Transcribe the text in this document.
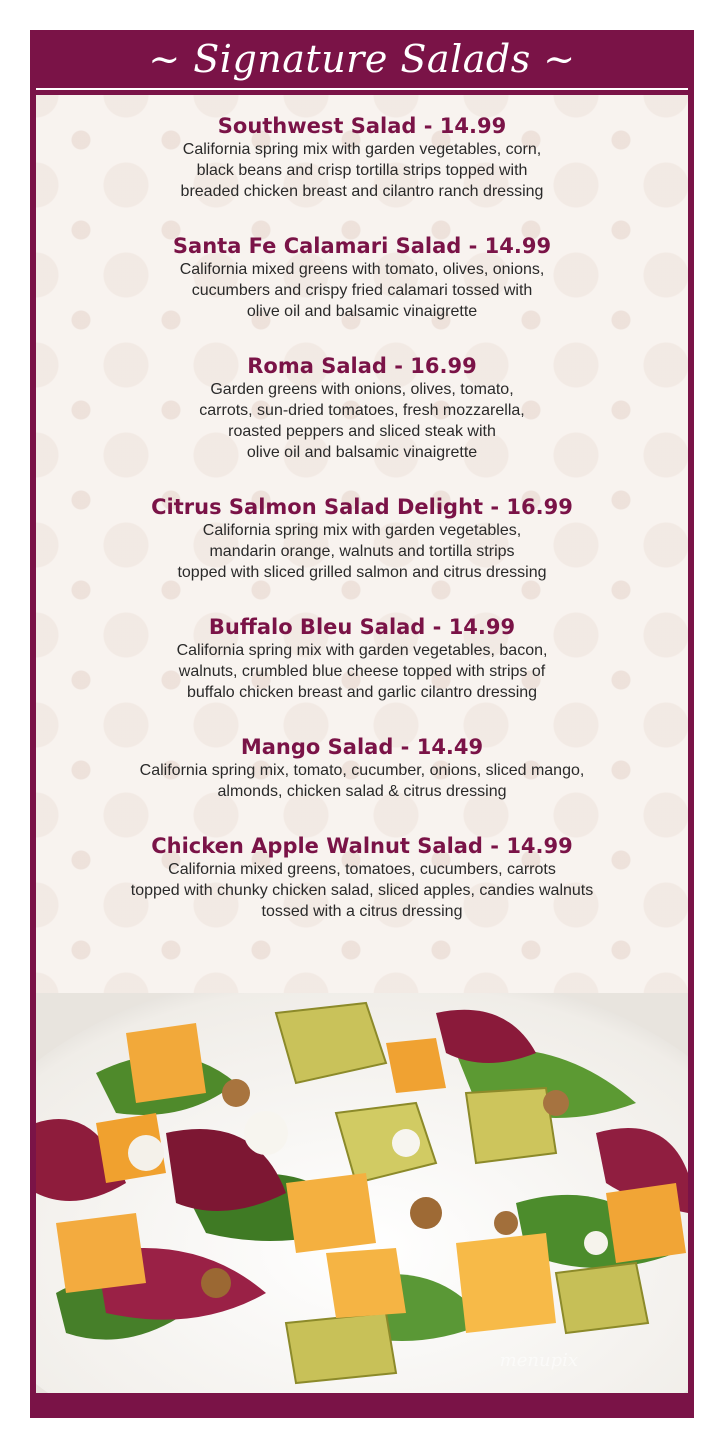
~ Signature Salads ~
Southwest Salad - 14.99
California spring mix with garden vegetables, corn,
black beans and crisp tortilla strips topped with
breaded chicken breast and cilantro ranch dressing
Santa Fe Calamari Salad - 14.99
California mixed greens with tomato, olives, onions,
cucumbers and crispy fried calamari tossed with
olive oil and balsamic vinaigrette
Roma Salad - 16.99
Garden greens with onions, olives, tomato,
carrots, sun-dried tomatoes, fresh mozzarella,
roasted peppers and sliced steak with
olive oil and balsamic vinaigrette
Citrus Salmon Salad Delight - 16.99
California spring mix with garden vegetables,
mandarin orange, walnuts and tortilla strips
topped with sliced grilled salmon and citrus dressing
Buffalo Bleu Salad - 14.99
California spring mix with garden vegetables, bacon,
walnuts, crumbled blue cheese topped with strips of
buffalo chicken breast and garlic cilantro dressing
Mango Salad - 14.49
California spring mix, tomato, cucumber, onions, sliced mango,
almonds, chicken salad & citrus dressing
Chicken Apple Walnut Salad - 14.99
California mixed greens, tomatoes, cucumbers, carrots
topped with chunky chicken salad, sliced apples, candies walnuts
tossed with a citrus dressing
menupix
